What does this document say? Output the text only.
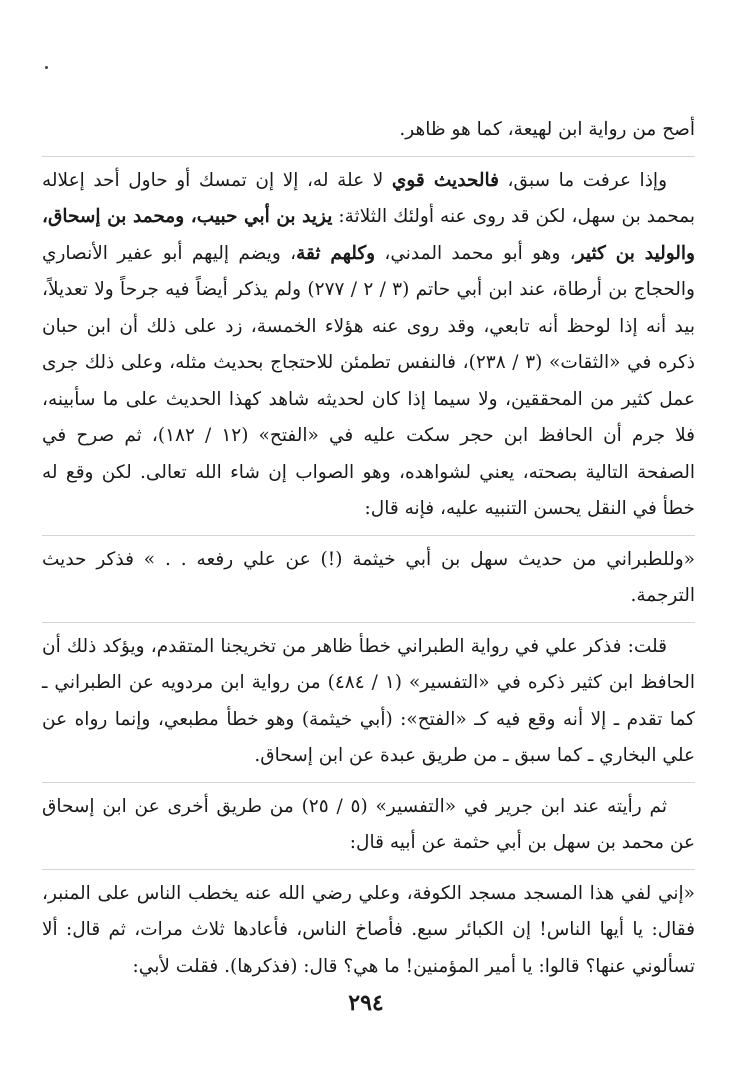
أصح من رواية ابن لهيعة، كما هو ظاهر.

وإذا عرفت ما سبق، فالحديث قوي لا علة له، إلا إن تمسك أو حاول أحد إعلاله بمحمد بن سهل، لكن قد روى عنه أولئك الثلاثة: يزيد بن أبي حبيب، ومحمد بن إسحاق، والوليد بن كثير، وهو أبو محمد المدني، وكلهم ثقة، ويضم إليهم أبو عفير الأنصاري والحجاج بن أرطاة، عند ابن أبي حاتم (٣ / ٢ / ٢٧٧) ولم يذكر أيضاً فيه جرحاً ولا تعديلاً، بيد أنه إذا لوحظ أنه تابعي، وقد روى عنه هؤلاء الخمسة، زد على ذلك أن ابن حبان ذكره في «الثقات» (٣ / ٢٣٨)، فالنفس تطمئن للاحتجاج بحديث مثله، وعلى ذلك جرى عمل كثير من المحققين، ولا سيما إذا كان لحديثه شاهد كهذا الحديث على ما سأبينه، فلا جرم أن الحافظ ابن حجر سكت عليه في «الفتح» (١٢ / ١٨٢)، ثم صرح في الصفحة التالية بصحته، يعني لشواهده، وهو الصواب إن شاء الله تعالى. لكن وقع له خطأ في النقل يحسن التنبيه عليه، فإنه قال:

«وللطبراني من حديث سهل بن أبي خيثمة (!) عن علي رفعه . . » فذكر حديث الترجمة.

قلت: فذكر علي في رواية الطبراني خطأ ظاهر من تخريجنا المتقدم، ويؤكد ذلك أن الحافظ ابن كثير ذكره في «التفسير» (١ / ٤٨٤) من رواية ابن مردويه عن الطبراني ـ كما تقدم ـ إلا أنه وقع فيه كـ «الفتح»: (أبي خيثمة) وهو خطأ مطبعي، وإنما رواه عن علي البخاري ـ كما سبق ـ من طريق عبدة عن ابن إسحاق.

ثم رأيته عند ابن جرير في «التفسير» (٥ / ٢٥) من طريق أخرى عن ابن إسحاق عن محمد بن سهل بن أبي حثمة عن أبيه قال:

«إني لفي هذا المسجد مسجد الكوفة، وعلي رضي الله عنه يخطب الناس على المنبر، فقال: يا أيها الناس! إن الكبائر سبع. فأصاخ الناس، فأعادها ثلاث مرات، ثم قال: ألا تسألوني عنها؟ قالوا: يا أمير المؤمنين! ما هي؟ قال: (فذكرها). فقلت لأبي:

٢٩٤
